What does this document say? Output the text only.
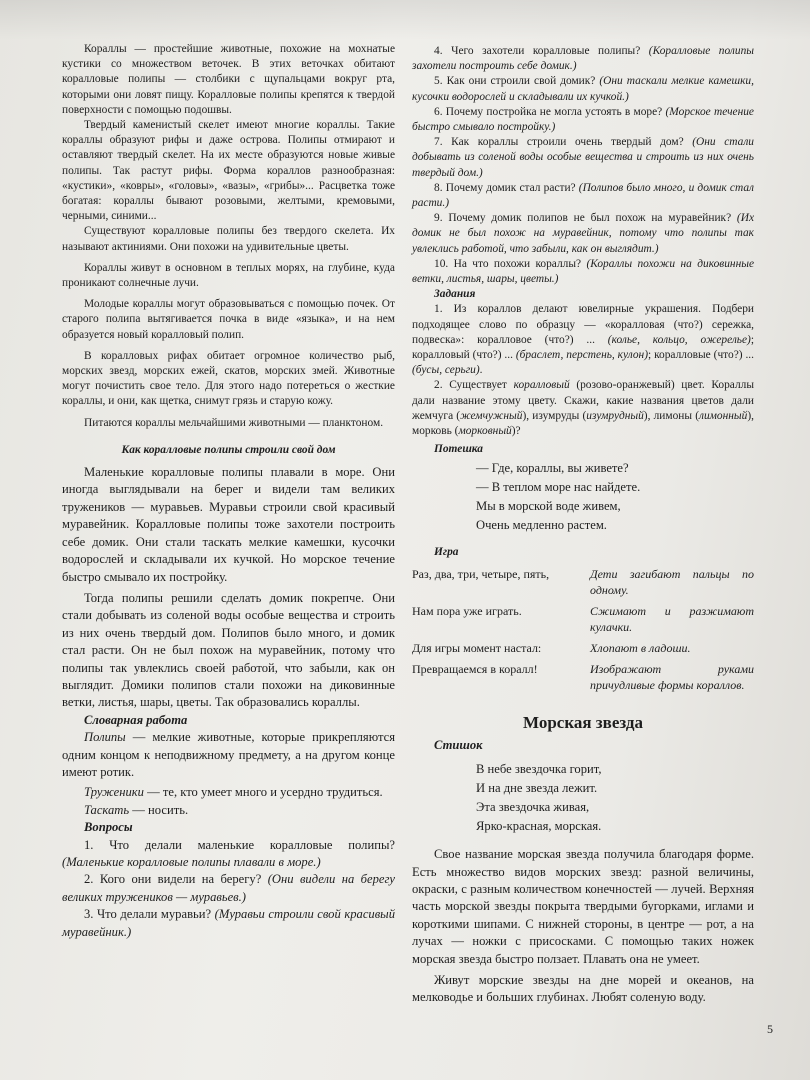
Кораллы — простейшие животные, похожие на мохнатые кустики со множеством веточек. В этих веточках обитают коралловые полипы — столбики с щупальцами вокруг рта, которыми они ловят пищу. Коралловые полипы крепятся к твердой поверхности с помощью подошвы.

Твердый каменистый скелет имеют многие кораллы. Такие кораллы образуют рифы и даже острова. Полипы отмирают и оставляют твердый скелет. На их месте образуются новые живые полипы. Так растут рифы. Форма кораллов разнообразная: «кустики», «ковры», «головы», «вазы», «грибы»... Расцветка тоже богатая: кораллы бывают розовыми, желтыми, кремовыми, черными, синими...

Существуют коралловые полипы без твердого скелета. Их называют актиниями. Они похожи на удивительные цветы.

Кораллы живут в основном в теплых морях, на глубине, куда проникают солнечные лучи.

Молодые кораллы могут образовываться с помощью почек. От старого полипа вытягивается почка в виде «языка», и на нем образуется новый коралловый полип.

В коралловых рифах обитает огромное количество рыб, морских звезд, морских ежей, скатов, морских змей. Животные могут почистить свое тело. Для этого надо потереться о жесткие кораллы, и они, как щетка, снимут грязь и старую кожу.

Питаются кораллы мельчайшими животными — планктоном.

Как коралловые полипы строили свой дом

Маленькие коралловые полипы плавали в море. Они иногда выглядывали на берег и видели там великих тружеников — муравьев. Муравьи строили свой красивый муравейник. Коралловые полипы тоже захотели построить себе домик. Они стали таскать мелкие камешки, кусочки водорослей и складывали их кучкой. Но морское течение быстро смывало их постройку.

Тогда полипы решили сделать домик покрепче. Они стали добывать из соленой воды особые вещества и строить из них очень твердый дом. Полипов было много, и домик стал расти. Он не был похож на муравейник, потому что полипы так увлеклись своей работой, что забыли, как он выглядит. Домики полипов стали похожи на диковинные ветки, листья, шары, цветы. Так образовались кораллы.

Словарная работа

Полипы — мелкие животные, которые прикрепляются одним концом к неподвижному предмету, а на другом конце имеют ротик.

Труженики — те, кто умеет много и усердно трудиться.

Таскать — носить.

Вопросы

1. Что делали маленькие коралловые полипы? (Маленькие коралловые полипы плавали в море.)

2. Кого они видели на берегу? (Они видели на берегу великих тружеников — муравьев.)

3. Что делали муравьи? (Муравьи строили свой красивый муравейник.)

4. Чего захотели коралловые полипы? (Коралловые полипы захотели построить себе домик.)

5. Как они строили свой домик? (Они таскали мелкие камешки, кусочки водорослей и складывали их кучкой.)

6. Почему постройка не могла устоять в море? (Морское течение быстро смывало постройку.)

7. Как кораллы строили очень твердый дом? (Они стали добывать из соленой воды особые вещества и строить из них очень твердый дом.)

8. Почему домик стал расти? (Полипов было много, и домик стал расти.)

9. Почему домик полипов не был похож на муравейник? (Их домик не был похож на муравейник, потому что полипы так увлеклись работой, что забыли, как он выглядит.)

10. На что похожи кораллы? (Кораллы похожи на диковинные ветки, листья, шары, цветы.)

Задания

1. Из кораллов делают ювелирные украшения. Подбери подходящее слово по образцу — «коралловая (что?) сережка, подвеска»: коралловое (что?) ... (колье, кольцо, ожерелье); коралловый (что?) ... (браслет, перстень, кулон); коралловые (что?) ... (бусы, серьги).

2. Существует коралловый (розово-оранжевый) цвет. Кораллы дали название этому цвету. Скажи, какие названия цветов дали жемчуга (жемчужный), изумруды (изумрудный), лимоны (лимонный), морковь (морковный)?

Потешка

— Где, кораллы, вы живете?
— В теплом море нас найдете.
Мы в морской воде живем,
Очень медленно растем.

Игра

Раз, два, три, четыре, пять,	Дети загибают пальцы по одному.
Нам пора уже играть.	Сжимают и разжимают кулачки.
Для игры момент настал:	Хлопают в ладоши.
Превращаемся в коралл!	Изображают руками причудливые формы кораллов.
Морская звезда

Стишок

В небе звездочка горит,
И на дне звезда лежит.
Эта звездочка живая,
Ярко-красная, морская.

Свое название морская звезда получила благодаря форме. Есть множество видов морских звезд: разной величины, окраски, с разным количеством конечностей — лучей. Верхняя часть морской звезды покрыта твердыми бугорками, иглами и короткими шипами. С нижней стороны, в центре — рот, а на лучах — ножки с присосками. С помощью таких ножек морская звезда быстро ползает. Плавать она не умеет.

Живут морские звезды на дне морей и океанов, на мелководье и больших глубинах. Любят соленую воду.

5
